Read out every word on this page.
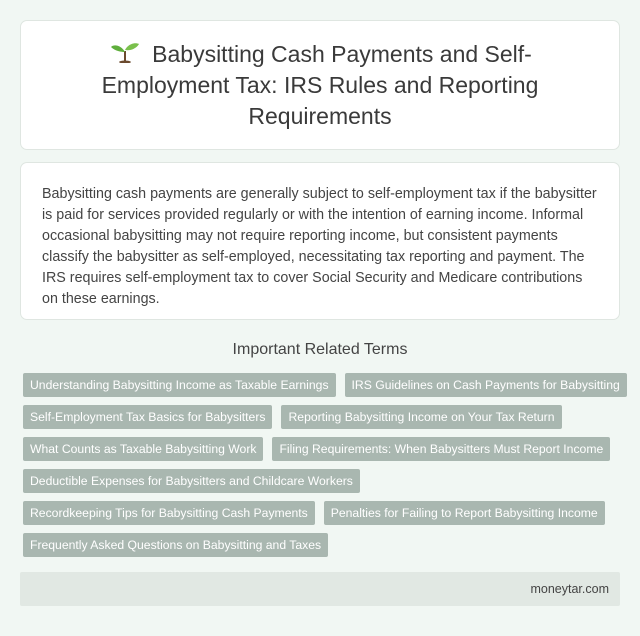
Babysitting Cash Payments and Self-Employment Tax: IRS Rules and Reporting Requirements

Babysitting cash payments are generally subject to self-employment tax if the babysitter is paid for services provided regularly or with the intention of earning income. Informal occasional babysitting may not require reporting income, but consistent payments classify the babysitter as self-employed, necessitating tax reporting and payment. The IRS requires self-employment tax to cover Social Security and Medicare contributions on these earnings.

Important Related Terms
Understanding Babysitting Income as Taxable Earnings	IRS Guidelines on Cash Payments for Babysitting
Self-Employment Tax Basics for Babysitters	Reporting Babysitting Income on Your Tax Return
What Counts as Taxable Babysitting Work	Filing Requirements: When Babysitters Must Report Income
Deductible Expenses for Babysitters and Childcare Workers
Recordkeeping Tips for Babysitting Cash Payments	Penalties for Failing to Report Babysitting Income
Frequently Asked Questions on Babysitting and Taxes
moneytar.com
